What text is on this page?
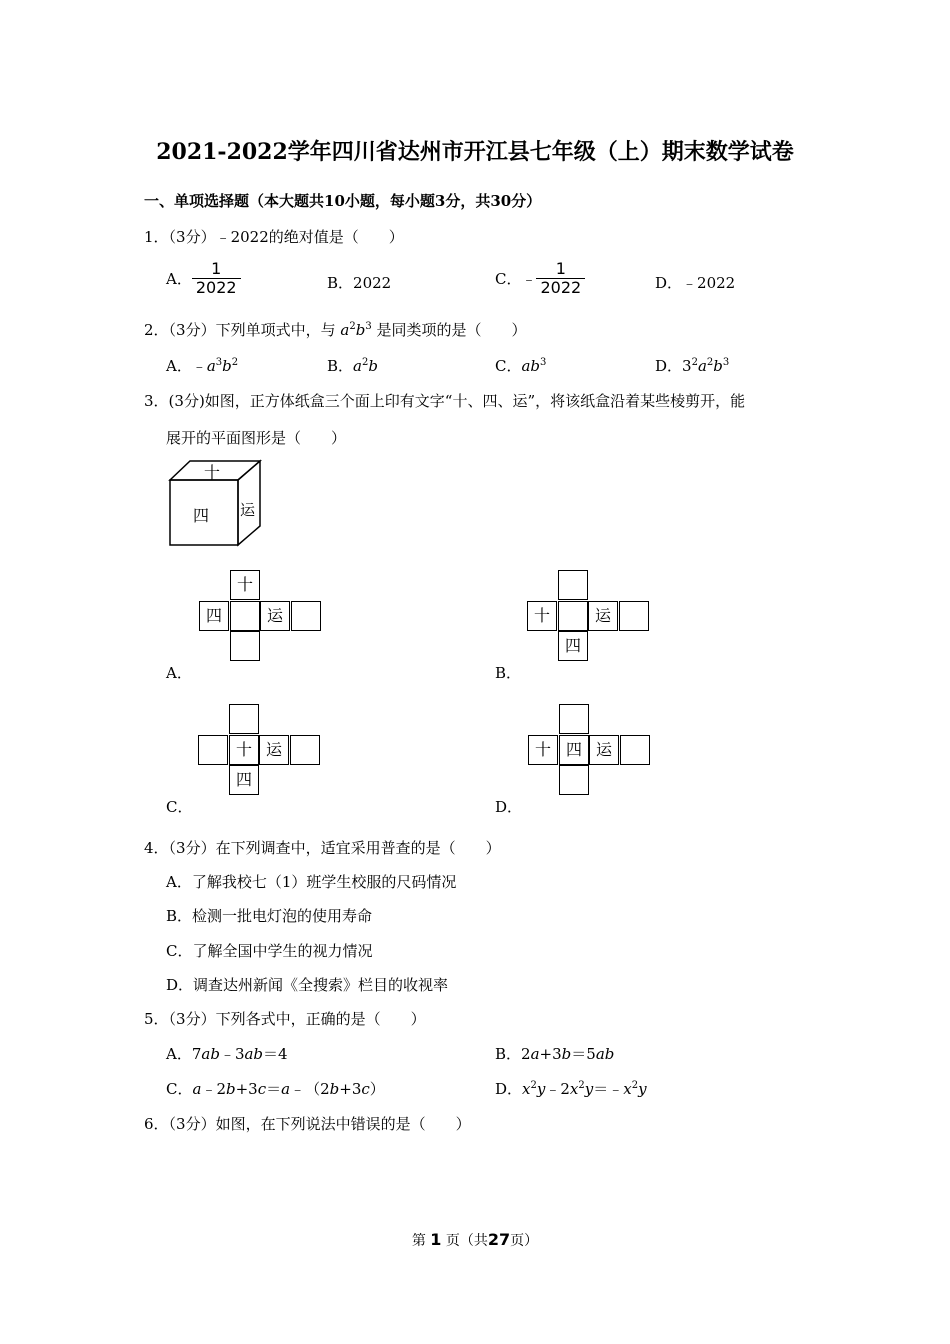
2021-2022学年四川省达州市开江县七年级（上）期末数学试卷
一、单项选择题（本大题共10小题，每小题3分，共30分）
1．（3分）﹣2022的绝对值是（　　）
A． $\frac{1}{2022}$	B．2022	C．﹣ $\frac{1}{2022}$	D．﹣2022
2．（3分）下列单项式中，与 $a^2b^3$ 是同类项的是（　　）
A．$﹣a^3b^2$	B．$a^2b$	C．$ab^3$	D．$3^2a^2b^3$
3．(3分)如图，正方体纸盒三个面上印有文字“十、四、运”，将该纸盒沿着某些棱剪开，能
展开的平面图形是（　　）
十
四 运
十
四	运
A．
十	运
四
B．
十 运
四
C．
十 四 运
D．
4．（3分）在下列调查中，适宜采用普查的是（　　）
A．了解我校七（1）班学生校服的尺码情况
B．检测一批电灯泡的使用寿命
C．了解全国中学生的视力情况
D．调查达州新闻《全搜索》栏目的收视率
5．（3分）下列各式中，正确的是（　　）
A．7ab﹣3ab＝4	B．2a+3b＝5ab
C．a﹣2b+3c＝a﹣（2b+3c）	D．$x^2y﹣2x^2y=﹣x^2y$
6．（3分）如图，在下列说法中错误的是（　　）
第 1 页（共27页）
